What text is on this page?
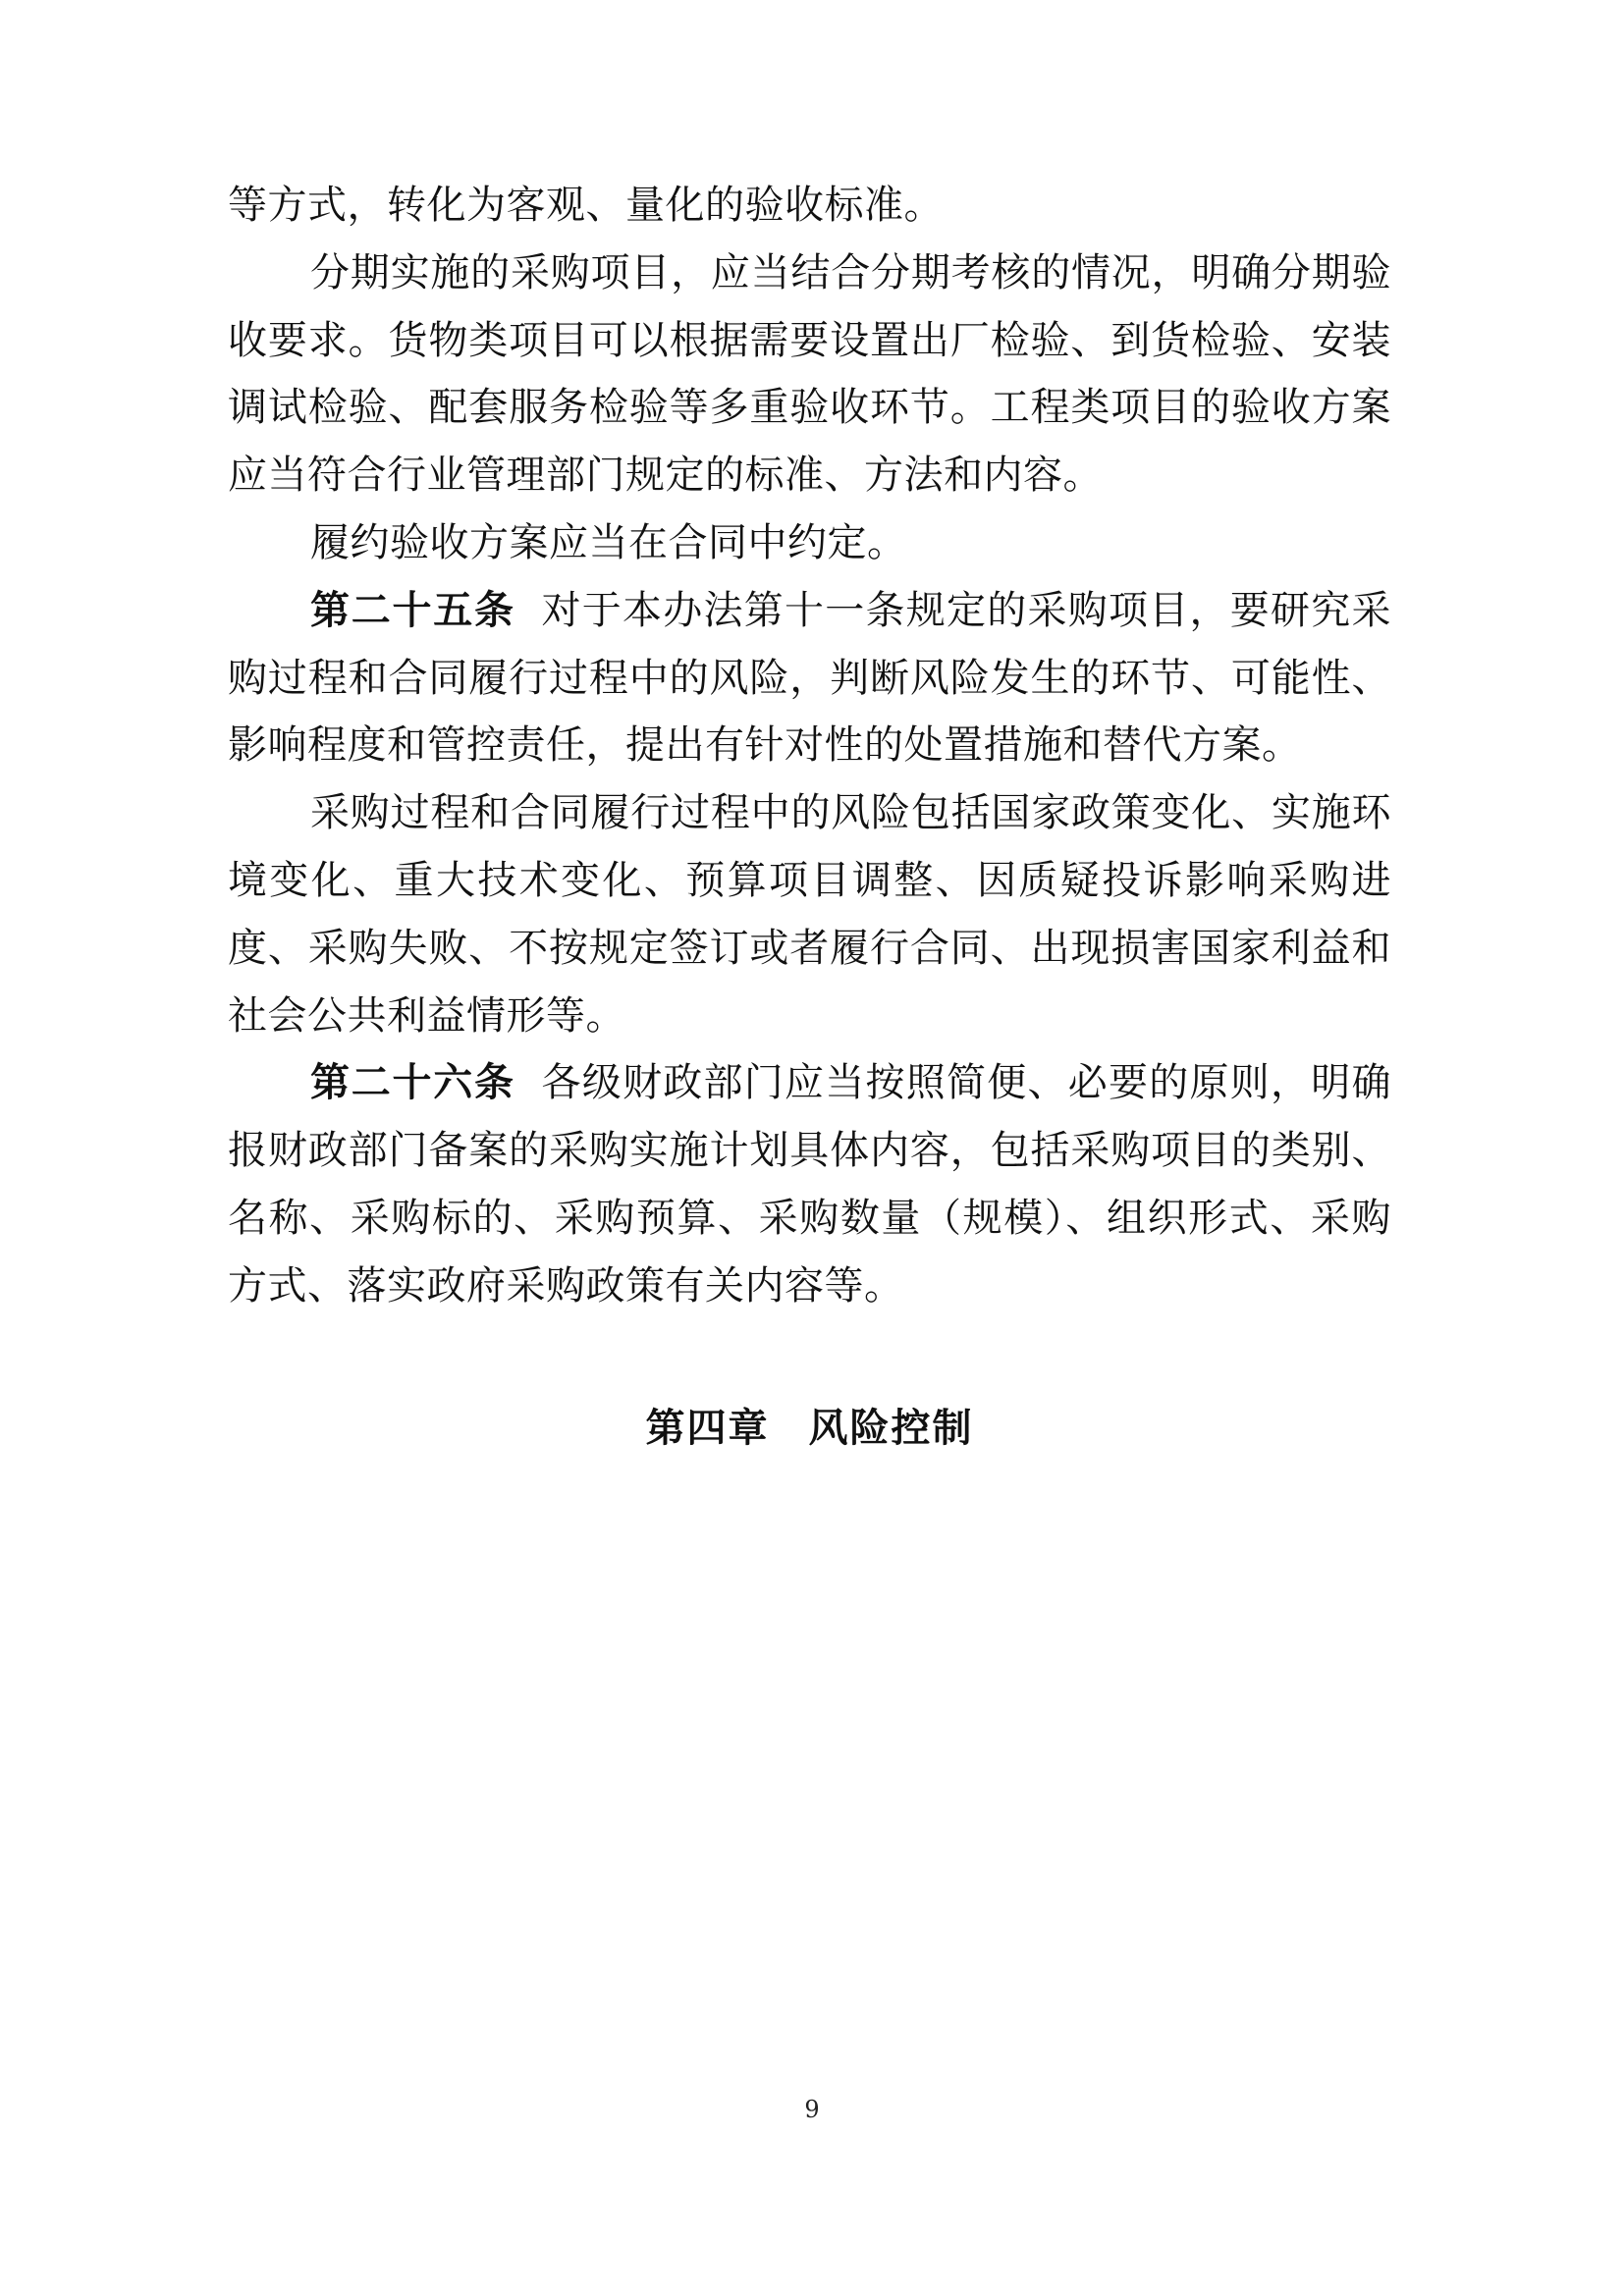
等方式，转化为客观、量化的验收标准。

分期实施的采购项目，应当结合分期考核的情况，明确分期验收要求。货物类项目可以根据需要设置出厂检验、到货检验、安装调试检验、配套服务检验等多重验收环节。工程类项目的验收方案应当符合行业管理部门规定的标准、方法和内容。

履约验收方案应当在合同中约定。

第二十五条 对于本办法第十一条规定的采购项目，要研究采购过程和合同履行过程中的风险，判断风险发生的环节、可能性、影响程度和管控责任，提出有针对性的处置措施和替代方案。

采购过程和合同履行过程中的风险包括国家政策变化、实施环境变化、重大技术变化、预算项目调整、因质疑投诉影响采购进度、采购失败、不按规定签订或者履行合同、出现损害国家利益和社会公共利益情形等。

第二十六条 各级财政部门应当按照简便、必要的原则，明确报财政部门备案的采购实施计划具体内容，包括采购项目的类别、名称、采购标的、采购预算、采购数量（规模）、组织形式、采购方式、落实政府采购政策有关内容等。

第四章 风险控制
9
